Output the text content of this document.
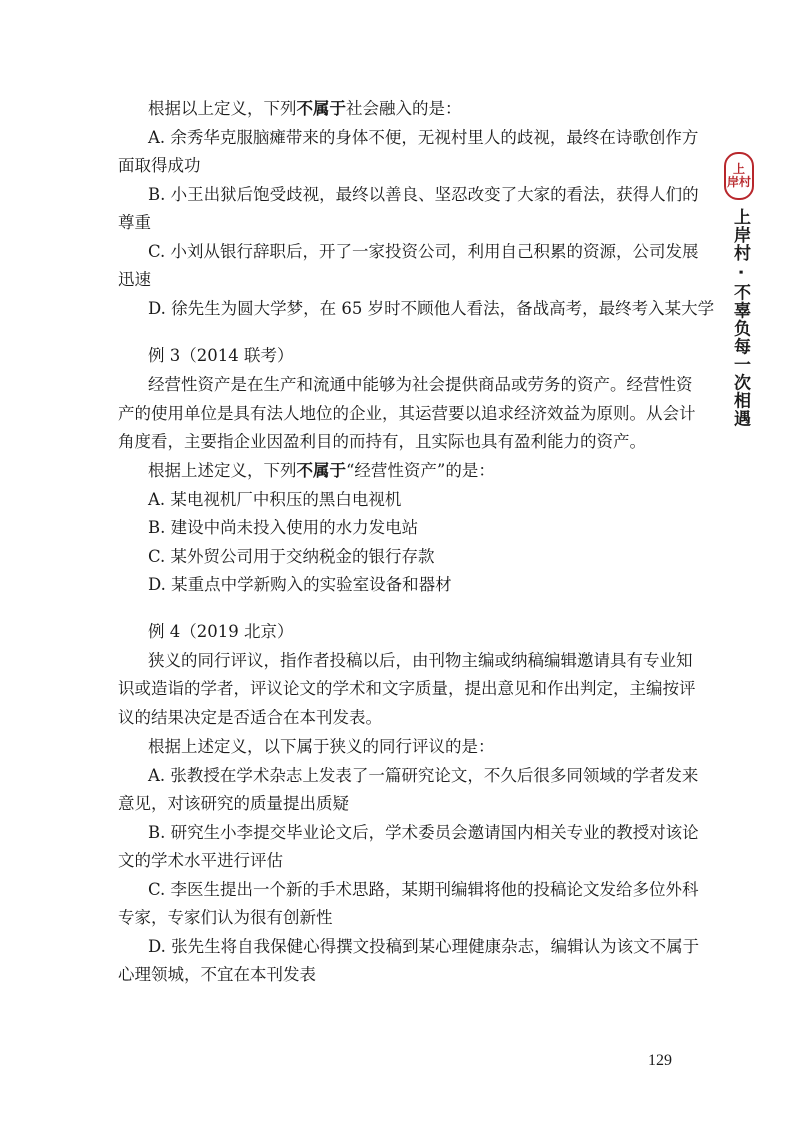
根据以上定义，下列不属于社会融入的是：
A. 余秀华克服脑瘫带来的身体不便，无视村里人的歧视，最终在诗歌创作方
面取得成功
B. 小王出狱后饱受歧视，最终以善良、坚忍改变了大家的看法，获得人们的
尊重
C. 小刘从银行辞职后，开了一家投资公司，利用自己积累的资源，公司发展
迅速
D. 徐先生为圆大学梦，在 65 岁时不顾他人看法，备战高考，最终考入某大学
例 3（2014 联考）
经营性资产是在生产和流通中能够为社会提供商品或劳务的资产。经营性资
产的使用单位是具有法人地位的企业，其运营要以追求经济效益为原则。从会计
角度看，主要指企业因盈利目的而持有，且实际也具有盈利能力的资产。
根据上述定义，下列不属于“经营性资产”的是：
A. 某电视机厂中积压的黑白电视机
B. 建设中尚未投入使用的水力发电站
C. 某外贸公司用于交纳税金的银行存款
D. 某重点中学新购入的实验室设备和器材
例 4（2019 北京）
狭义的同行评议，指作者投稿以后，由刊物主编或纳稿编辑邀请具有专业知
识或造诣的学者，评议论文的学术和文字质量，提出意见和作出判定，主编按评
议的结果决定是否适合在本刊发表。
根据上述定义，以下属于狭义的同行评议的是：
A. 张教授在学术杂志上发表了一篇研究论文，不久后很多同领域的学者发来
意见，对该研究的质量提出质疑
B. 研究生小李提交毕业论文后，学术委员会邀请国内相关专业的教授对该论
文的学术水平进行评估
C. 李医生提出一个新的手术思路，某期刊编辑将他的投稿论文发给多位外科
专家，专家们认为很有创新性
D. 张先生将自我保健心得撰文投稿到某心理健康杂志，编辑认为该文不属于
心理领城，不宜在本刊发表
上
岸村
上岸村 · 不辜负每一次相遇
129
